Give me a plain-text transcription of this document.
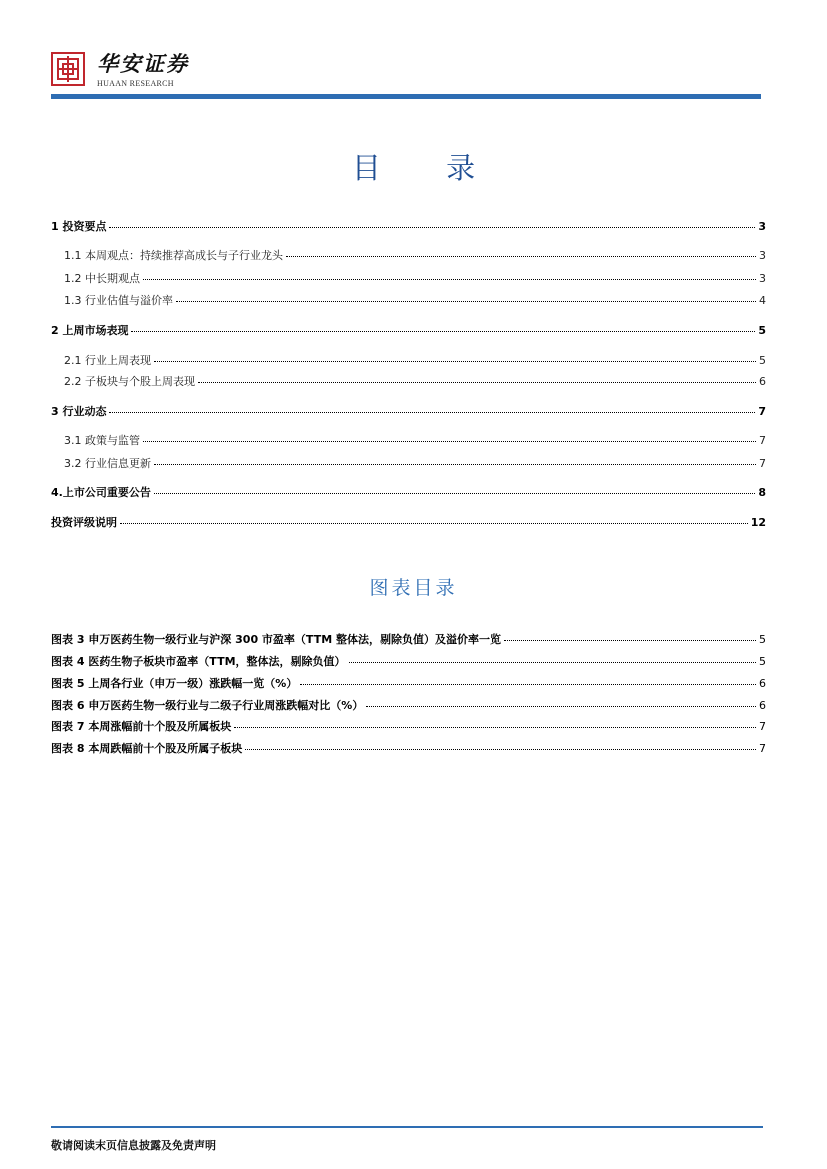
华安证券
HUAAN RESEARCH
目 录
1 投资要点	3
1.1 本周观点：持续推荐高成长与子行业龙头	3
1.2 中长期观点	3
1.3 行业估值与溢价率	4
2 上周市场表现	5
2.1 行业上周表现	5
2.2 子板块与个股上周表现	6
3 行业动态	7
3.1 政策与监管	7
3.2 行业信息更新	7
4.上市公司重要公告	8
投资评级说明	12
图表目录
图表 3 申万医药生物一级行业与沪深 300 市盈率（TTM 整体法，剔除负值）及溢价率一览	5
图表 4 医药生物子板块市盈率（TTM，整体法，剔除负值）	5
图表 5 上周各行业（申万一级）涨跌幅一览（%）	6
图表 6 申万医药生物一级行业与二级子行业周涨跌幅对比（%）	6
图表 7 本周涨幅前十个股及所属板块	7
图表 8 本周跌幅前十个股及所属子板块	7
敬请阅读末页信息披露及免责声明
